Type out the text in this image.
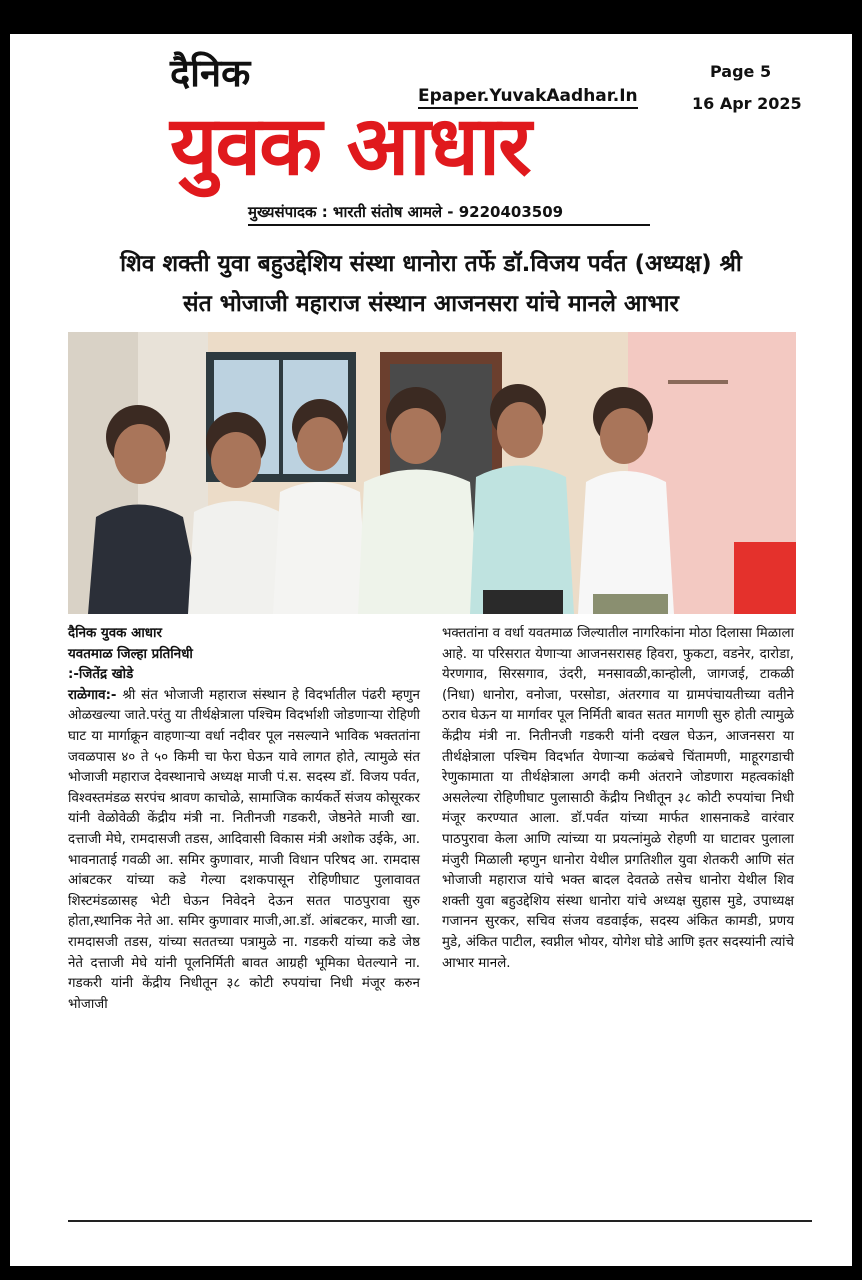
दैनिक
Epaper.YuvakAadhar.In
Page 5
16 Apr 2025
युवक आधार
मुख्यसंपादक : भारती संतोष आमले - 9220403509
शिव शक्ती युवा बहुउद्देशिय संस्था धानोरा तर्फे डॉ.विजय पर्वत (अध्यक्ष) श्री
संत भोजाजी महाराज संस्थान आजनसरा यांचे मानले आभार
दैनिक युवक आधार
यवतमाळ जिल्हा प्रतिनिधी
:-जितेंद्र खोडे

राळेगाव:- श्री संत भोजाजी महाराज संस्थान हे विदर्भातील पंढरी म्हणुन ओळखल्या जाते.परंतु या तीर्थक्षेत्राला पश्चिम विदर्भाशी जोडणाऱ्या रोहिणी घाट या मार्गाक्रून वाहणाऱ्या वर्धा नदीवर पूल नसल्याने भाविक भक्ततांना जवळपास ४० ते ५० किमी चा फेरा घेऊन यावे लागत होते, त्यामुळे संत भोजाजी महाराज देवस्थानाचे अध्यक्ष माजी पं.स. सदस्य डॉ. विजय पर्वत, विश्वस्तमंडळ सरपंच श्रावण काचोळे, सामाजिक कार्यकर्ते संजय कोसूरकर यांनी वेळोवेळी केंद्रीय मंत्री ना. नितीनजी गडकरी, जेष्ठनेते माजी खा. दत्ताजी मेघे, रामदासजी तडस, आदिवासी विकास मंत्री अशोक उईके, आ. भावनाताई गवळी आ. समिर कुणावार, माजी विधान परिषद आ. रामदास आंबटकर यांच्या कडे गेल्या दशकपासून रोहिणीघाट पुलावावत शिस्टमंडळासह भेटी घेऊन निवेदने देऊन सतत पाठपुरावा सुरु होता,स्थानिक नेते आ. समिर कुणावार माजी,आ.डॉ. आंबटकर, माजी खा. रामदासजी तडस, यांच्या सततच्या पत्रामुळे ना. गडकरी यांच्या कडे जेष्ठ नेते दत्ताजी मेघे यांनी पूलनिर्मिती बावत आग्रही भूमिका घेतल्याने ना. गडकरी यांनी केंद्रीय निधीतून ३८ कोटी रुपयांचा निधी मंजूर करुन भोजाजी

भक्ततांना व वर्धा यवतमाळ जिल्यातील नागरिकांना मोठा दिलासा मिळाला आहे. या परिसरात येणाऱ्या आजनसरासह हिवरा, फुकटा, वडनेर, दारोडा, येरणगाव, सिरसगाव, उंदरी, मनसावळी,कान्होली, जागजई, टाकळी (निधा) धानोरा, वनोजा, परसोडा, अंतरगाव या ग्रामपंचायतीच्या वतीने ठराव घेऊन या मार्गावर पूल निर्मिती बावत सतत मागणी सुरु होती त्यामुळे केंद्रीय मंत्री ना. नितीनजी गडकरी यांनी दखल घेऊन, आजनसरा या तीर्थक्षेत्राला पश्चिम विदर्भात येणाऱ्या कळंबचे चिंतामणी, माहूरगडाची रेणुकामाता या तीर्थक्षेत्राला अगदी कमी अंतराने जोडणारा महत्वकांक्षी असलेल्या रोहिणीघाट पुलासाठी केंद्रीय निधीतून ३८ कोटी रुपयांचा निधी मंजूर करण्यात आला. डॉ.पर्वत यांच्या मार्फत शासनाकडे वारंवार पाठपुरावा केला आणि त्यांच्या या प्रयत्नांमुळे रोहणी या घाटावर पुलाला मंजुरी मिळाली म्हणुन धानोरा येथील प्रगतिशील युवा शेतकरी आणि संत भोजाजी महाराज यांचे भक्त बादल देवतळे तसेच धानोरा येथील शिव शक्ती युवा बहुउद्देशिय संस्था धानोरा यांचे अध्यक्ष सुहास मुडे, उपाध्यक्ष गजानन सुरकर, सचिव संजय वडवाईक, सदस्य अंकित कामडी, प्रणय मुडे, अंकित पाटील, स्वप्नील भोयर, योगेश घोडे आणि इतर सदस्यांनी त्यांचे आभार मानले.
